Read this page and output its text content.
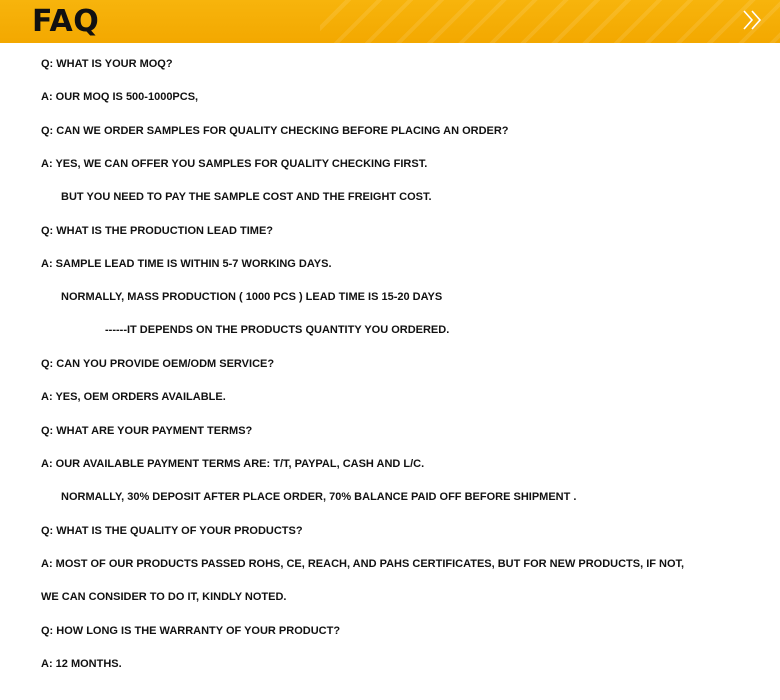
FAQ
Q: WHAT IS YOUR MOQ?
A: OUR MOQ IS 500-1000PCS,
Q: CAN WE ORDER SAMPLES FOR QUALITY CHECKING BEFORE PLACING AN ORDER?
A: YES, WE CAN OFFER YOU SAMPLES FOR QUALITY CHECKING FIRST.
BUT YOU NEED TO PAY THE SAMPLE COST AND THE FREIGHT COST.
Q: WHAT IS THE PRODUCTION LEAD TIME?
A: SAMPLE LEAD TIME IS WITHIN 5-7 WORKING DAYS.
NORMALLY, MASS PRODUCTION ( 1000 PCS ) LEAD TIME IS 15-20 DAYS
------IT DEPENDS ON THE PRODUCTS QUANTITY YOU ORDERED.
Q: CAN YOU PROVIDE OEM/ODM SERVICE?
A: YES, OEM ORDERS AVAILABLE.
Q: WHAT ARE YOUR PAYMENT TERMS?
A: OUR AVAILABLE PAYMENT TERMS ARE: T/T, PAYPAL, CASH AND L/C.
NORMALLY, 30% DEPOSIT AFTER PLACE ORDER, 70% BALANCE PAID OFF BEFORE SHIPMENT .
Q: WHAT IS THE QUALITY OF YOUR PRODUCTS?
A: MOST OF OUR PRODUCTS PASSED ROHS, CE, REACH, AND PAHS CERTIFICATES, BUT FOR NEW PRODUCTS, IF NOT,
WE CAN CONSIDER TO DO IT, KINDLY NOTED.
Q: HOW LONG IS THE WARRANTY OF YOUR PRODUCT?
A: 12 MONTHS.
